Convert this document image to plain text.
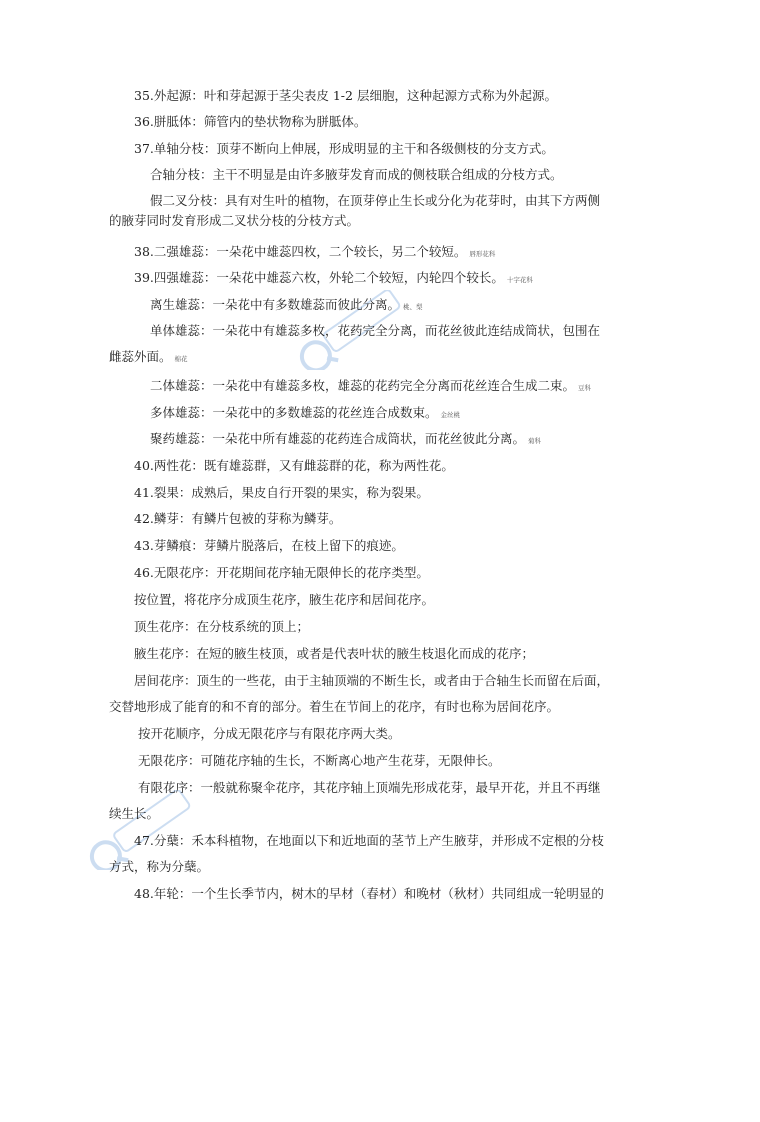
35.外起源：叶和芽起源于茎尖表皮 1-2 层细胞，这种起源方式称为外起源。
36.胼胝体：筛管内的垫状物称为胼胝体。
37.单轴分枝：顶芽不断向上伸展，形成明显的主干和各级侧枝的分支方式。
合轴分枝：主干不明显是由许多腋芽发育而成的侧枝联合组成的分枝方式。
假二叉分枝：具有对生叶的植物，在顶芽停止生长或分化为花芽时，由其下方两侧
的腋芽同时发育形成二叉状分枝的分枝方式。
38.二强雄蕊：一朵花中雄蕊四枚，二个较长，另二个较短。 唇形花科
39.四强雄蕊：一朵花中雄蕊六枚，外轮二个较短，内轮四个较长。 十字花科
离生雄蕊：一朵花中有多数雄蕊而彼此分离。 桃、梨
单体雄蕊：一朵花中有雄蕊多枚，花药完全分离，而花丝彼此连结成筒状，包围在
雌蕊外面。 棉花
二体雄蕊：一朵花中有雄蕊多枚，雄蕊的花药完全分离而花丝连合生成二束。 豆科
多体雄蕊：一朵花中的多数雄蕊的花丝连合成数束。 金丝桃
聚药雄蕊：一朵花中所有雄蕊的花药连合成筒状，而花丝彼此分离。 菊科
40.两性花：既有雄蕊群，又有雌蕊群的花，称为两性花。
41.裂果：成熟后，果皮自行开裂的果实，称为裂果。
42.鳞芽：有鳞片包被的芽称为鳞芽。
43.芽鳞痕：芽鳞片脱落后，在枝上留下的痕迹。
46.无限花序：开花期间花序轴无限伸长的花序类型。
按位置，将花序分成顶生花序，腋生花序和居间花序。
顶生花序：在分枝系统的顶上；
腋生花序：在短的腋生枝顶，或者是代表叶状的腋生枝退化而成的花序；
居间花序：顶生的一些花，由于主轴顶端的不断生长，或者由于合轴生长而留在后面，
交替地形成了能育的和不育的部分。着生在节间上的花序，有时也称为居间花序。
按开花顺序，分成无限花序与有限花序两大类。
无限花序：可随花序轴的生长，不断离心地产生花芽，无限伸长。
有限花序：一般就称聚伞花序，其花序轴上顶端先形成花芽，最早开花，并且不再继
续生长。
47.分蘖：禾本科植物，在地面以下和近地面的茎节上产生腋芽，并形成不定根的分枝
方式，称为分蘖。
48.年轮：一个生长季节内，树木的早材（春材）和晚材（秋材）共同组成一轮明显的
